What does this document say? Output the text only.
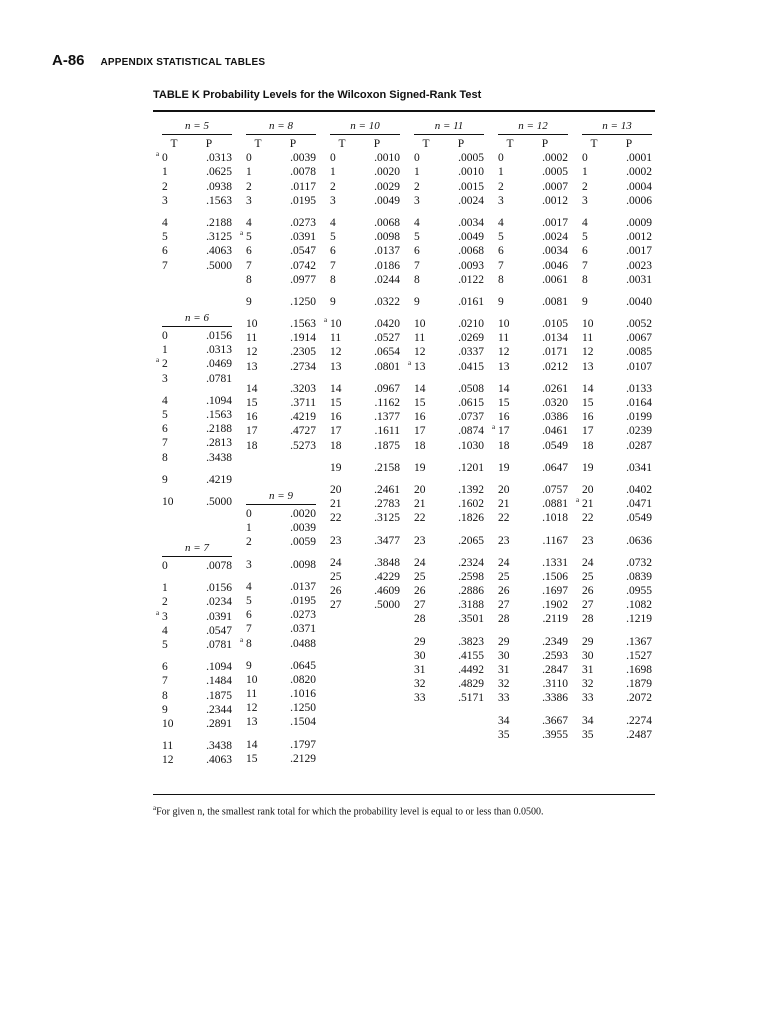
A-86 APPENDIX STATISTICAL TABLES
TABLE K Probability Levels for the Wilcoxon Signed-Rank Test
n = 5
T	P
a 0	.0313
1	.0625
2	.0938
3	.1563
4	.2188
5	.3125
6	.4063
7	.5000
n = 6
0	.0156
1	.0313
a 2	.0469
3	.0781
4	.1094
5	.1563
6	.2188
7	.2813
8	.3438
9	.4219
10	.5000
n = 7
0	.0078
1	.0156
2	.0234
a 3	.0391
4	.0547
5	.0781
6	.1094
7	.1484
8	.1875
9	.2344
10	.2891
11	.3438
12	.4063
n = 8
T	P
0	.0039
1	.0078
2	.0117
3	.0195
4	.0273
a 5	.0391
6	.0547
7	.0742
8	.0977
9	.1250
10	.1563
11	.1914
12	.2305
13	.2734
14	.3203
15	.3711
16	.4219
17	.4727
18	.5273
n = 9
0	.0020
1	.0039
2	.0059
3	.0098
4	.0137
5	.0195
6	.0273
7	.0371
a 8	.0488
9	.0645
10	.0820
11	.1016
12	.1250
13	.1504
14	.1797
15	.2129
n = 10
T	P
0	.0010
1	.0020
2	.0029
3	.0049
4	.0068
5	.0098
6	.0137
7	.0186
8	.0244
9	.0322
a 10	.0420
11	.0527
12	.0654
13	.0801
14	.0967
15	.1162
16	.1377
17	.1611
18	.1875
19	.2158
20	.2461
21	.2783
22	.3125
23	.3477
24	.3848
25	.4229
26	.4609
27	.5000
n = 11
T	P
0	.0005
1	.0010
2	.0015
3	.0024
4	.0034
5	.0049
6	.0068
7	.0093
8	.0122
9	.0161
10	.0210
11	.0269
12	.0337
a 13	.0415
14	.0508
15	.0615
16	.0737
17	.0874
18	.1030
19	.1201
20	.1392
21	.1602
22	.1826
23	.2065
24	.2324
25	.2598
26	.2886
27	.3188
28	.3501
29	.3823
30	.4155
31	.4492
32	.4829
33	.5171
n = 12
T	P
0	.0002
1	.0005
2	.0007
3	.0012
4	.0017
5	.0024
6	.0034
7	.0046
8	.0061
9	.0081
10	.0105
11	.0134
12	.0171
13	.0212
14	.0261
15	.0320
16	.0386
a 17	.0461
18	.0549
19	.0647
20	.0757
21	.0881
22	.1018
23	.1167
24	.1331
25	.1506
26	.1697
27	.1902
28	.2119
29	.2349
30	.2593
31	.2847
32	.3110
33	.3386
34	.3667
35	.3955
n = 13
T	P
0	.0001
1	.0002
2	.0004
3	.0006
4	.0009
5	.0012
6	.0017
7	.0023
8	.0031
9	.0040
10	.0052
11	.0067
12	.0085
13	.0107
14	.0133
15	.0164
16	.0199
17	.0239
18	.0287
19	.0341
20	.0402
a 21	.0471
22	.0549
23	.0636
24	.0732
25	.0839
26	.0955
27	.1082
28	.1219
29	.1367
30	.1527
31	.1698
32	.1879
33	.2072
34	.2274
35	.2487
$^a$For given n, the smallest rank total for which the probability level is equal to or less than 0.0500.
